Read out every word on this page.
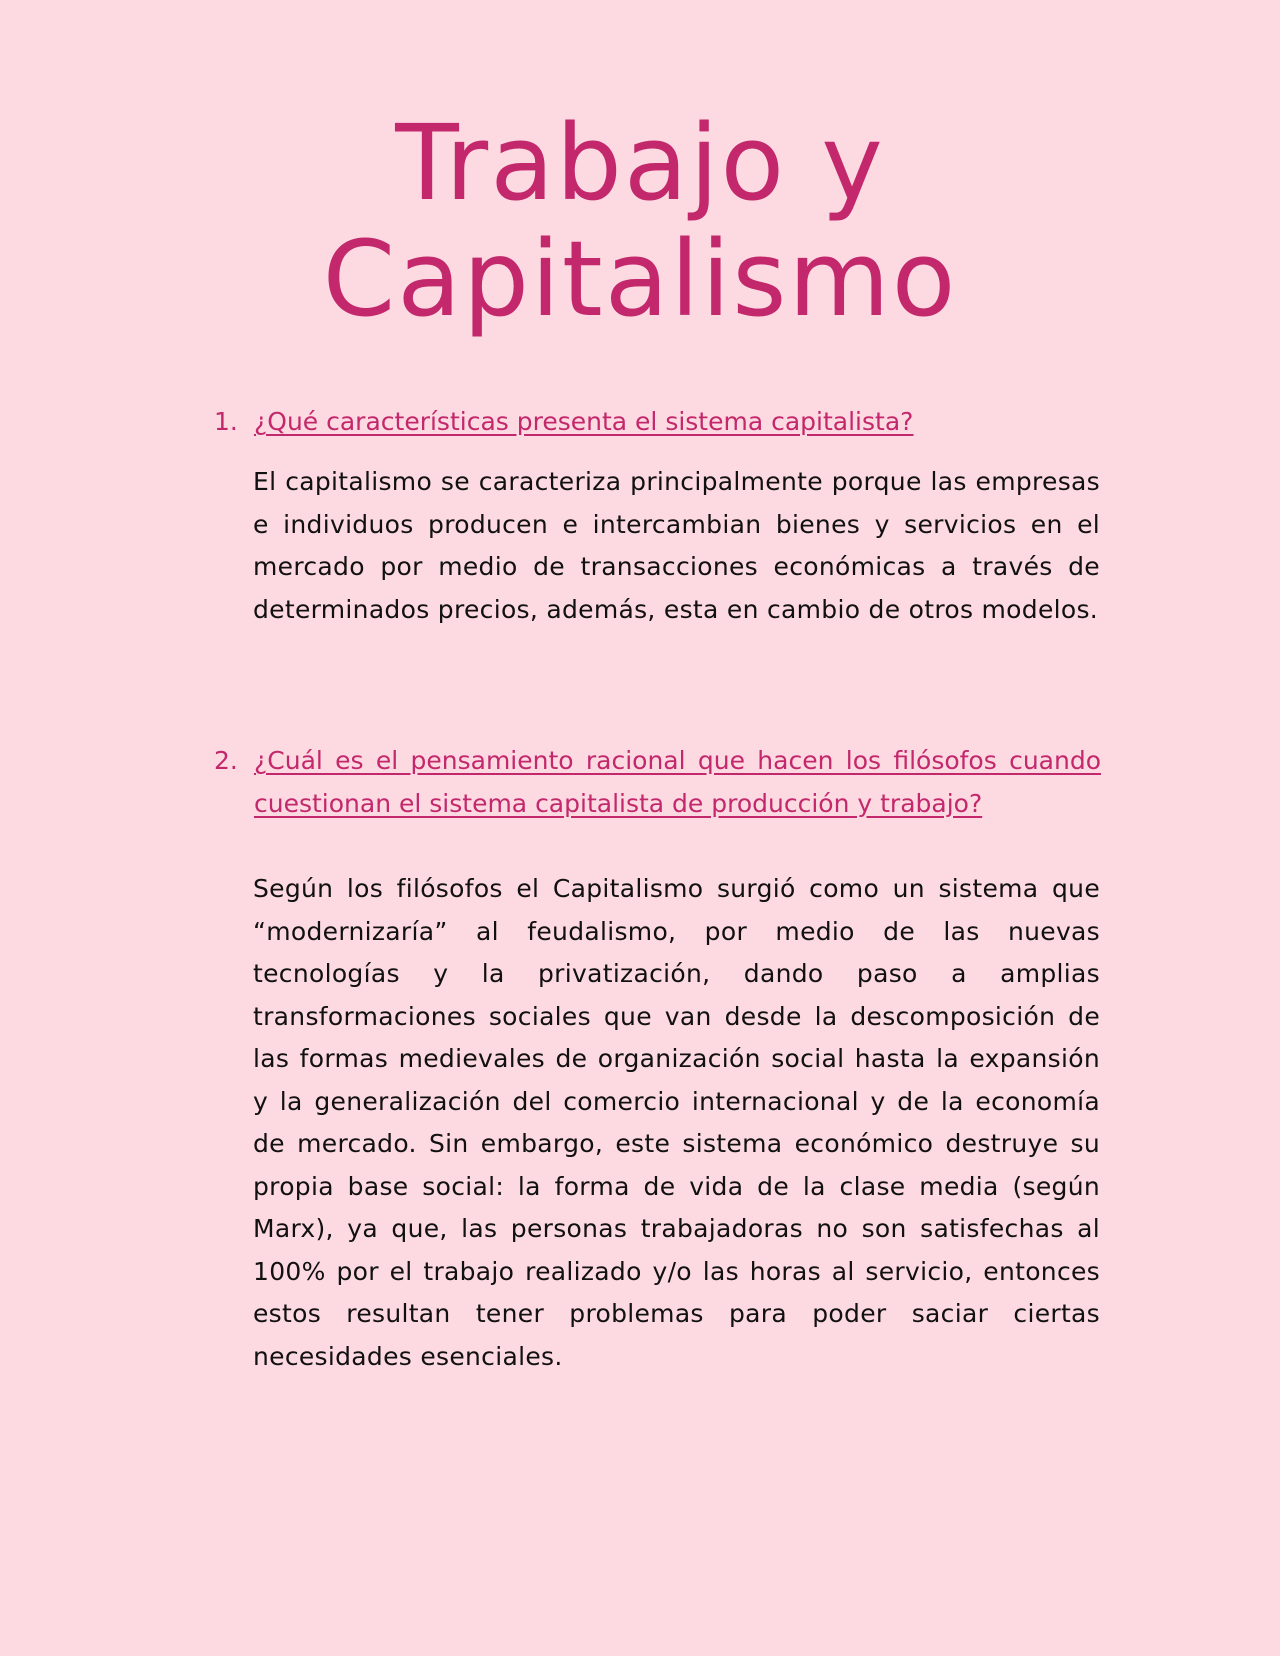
Trabajo y Capitalismo
1. ¿Qué características presenta el sistema capitalista?
El capitalismo se caracteriza principalmente porque las empresas e individuos producen e intercambian bienes y servicios en el mercado por medio de transacciones económicas a través de determinados precios, además, esta en cambio de otros modelos.
2. ¿Cuál es el pensamiento racional que hacen los filósofos cuando cuestionan el sistema capitalista de producción y trabajo?
Según los filósofos el Capitalismo surgió como un sistema que “modernizaría” al feudalismo, por medio de las nuevas tecnologías y la privatización, dando paso a amplias transformaciones sociales que van desde la descomposición de las formas medievales de organización social hasta la expansión y la generalización del comercio internacional y de la economía de mercado. Sin embargo, este sistema económico destruye su propia base social: la forma de vida de la clase media (según Marx), ya que, las personas trabajadoras no son satisfechas al 100% por el trabajo realizado y/o las horas al servicio, entonces estos resultan tener problemas para poder saciar ciertas necesidades esenciales.
